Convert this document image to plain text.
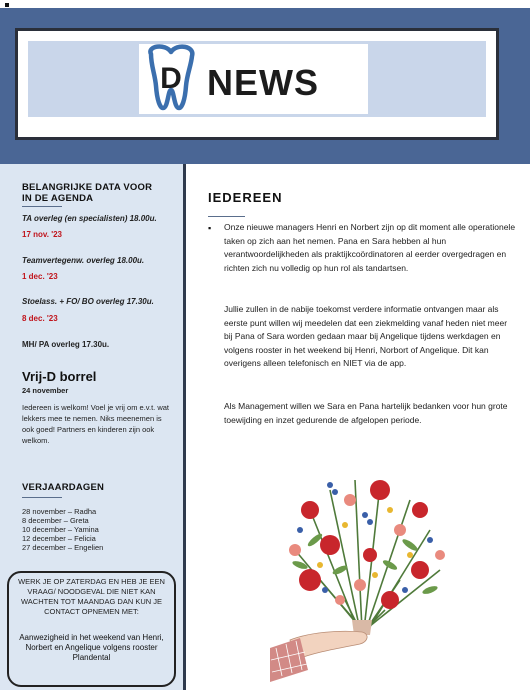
D NEWS
BELANGRIJKE DATA VOOR IN DE AGENDA
TA overleg (en specialisten) 18.00u.
17 nov. '23
Teamvertegenw. overleg 18.00u.
1 dec. '23
Stoelass. + FO/ BO overleg 17.30u.
8 dec. '23
MH/ PA overleg 17.30u.
Vrij-D borrel
24 november
Iedereen is welkom! Voel je vrij om e.v.t. wat lekkers mee te nemen. Niks meenemen is ook goed! Partners en kinderen zijn ook welkom.
VERJAARDAGEN
28 november – Radha
8 december – Greta
10 december – Yamina
12 december – Felicia
27 december – Engelien
WERK JE OP ZATERDAG EN HEB JE EEN VRAAG/ NOODGEVAL DIE NIET KAN WACHTEN TOT MAANDAG DAN KUN JE CONTACT OPNEMEN MET:
Aanwezigheid in het weekend van Henri, Norbert en Angelique volgens rooster Plandental
IEDEREEN
▪ Onze nieuwe managers Henri en Norbert zijn op dit moment alle operationele taken op zich aan het nemen. Pana en Sara hebben al hun verantwoordelijkheden als praktijkcoördinatoren al eerder overgedragen en richten zich nu volledig op hun rol als tandartsen.
Jullie zullen in de nabije toekomst verdere informatie ontvangen maar als eerste punt willen wij meedelen dat een ziekmelding vanaf heden niet meer bij Pana of Sara worden gedaan maar bij Angelique tijdens werkdagen en volgens rooster in het weekend bij Henri, Norbort of Angelique. Dit kan overigens alleen telefonisch en NIET via de app.
Als Management willen we Sara en Pana hartelijk bedanken voor hun grote toewijding en inzet gedurende de afgelopen periode.
